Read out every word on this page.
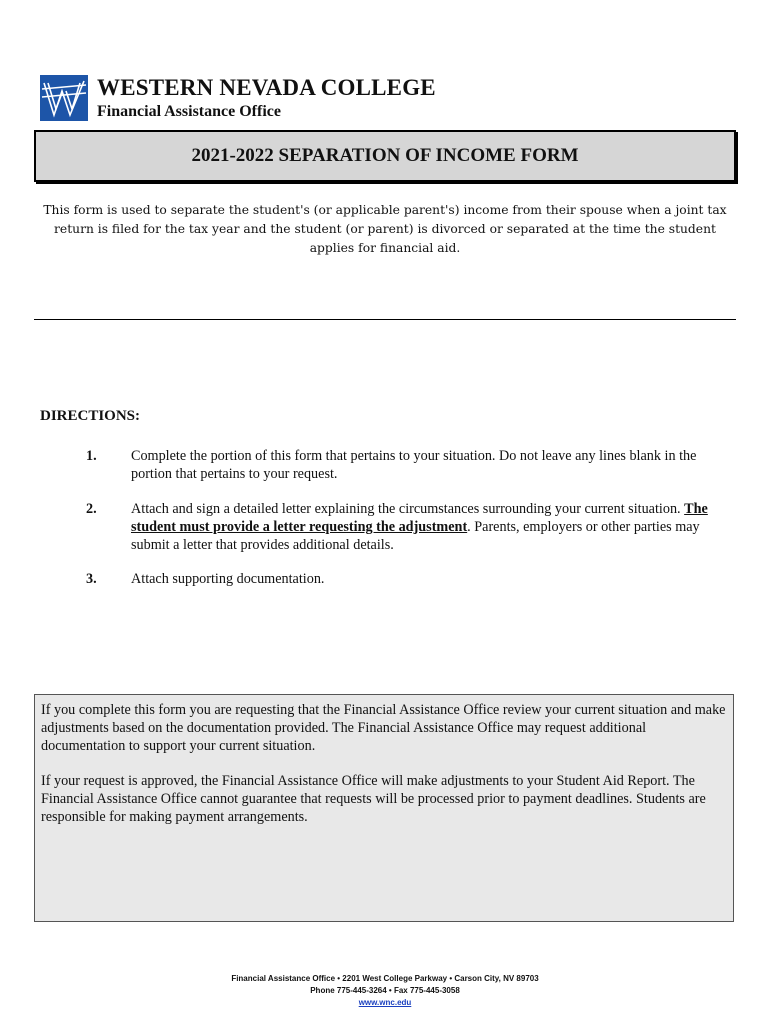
WESTERN NEVADA COLLEGE
Financial Assistance Office
2021-2022 SEPARATION OF INCOME FORM
This form is used to separate the student's (or applicable parent's) income from their spouse when a joint tax return is filed for the tax year and the student (or parent) is divorced or separated at the time the student applies for financial aid.
DIRECTIONS:
1. Complete the portion of this form that pertains to your situation. Do not leave any lines blank in the portion that pertains to your request.
2. Attach and sign a detailed letter explaining the circumstances surrounding your current situation. The student must provide a letter requesting the adjustment. Parents, employers or other parties may submit a letter that provides additional details.
3. Attach supporting documentation.

If you complete this form you are requesting that the Financial Assistance Office review your current situation and make adjustments based on the documentation provided. The Financial Assistance Office may request additional documentation to support your current situation.

If your request is approved, the Financial Assistance Office will make adjustments to your Student Aid Report. The Financial Assistance Office cannot guarantee that requests will be processed prior to payment deadlines. Students are responsible for making payment arrangements.

Financial Assistance Office • 2201 West College Parkway • Carson City, NV 89703
Phone 775-445-3264 • Fax 775-445-3058
www.wnc.edu
